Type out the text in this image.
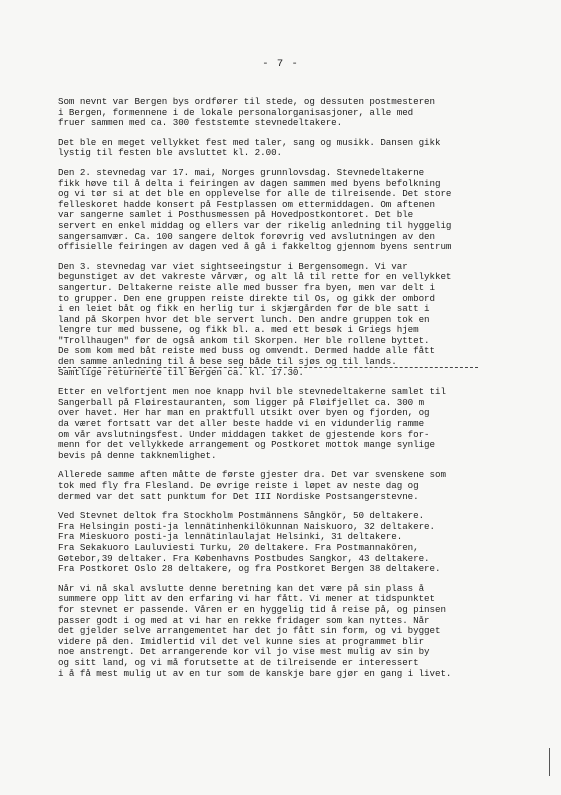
- 7 -
Som nevnt var Bergen bys ordfører til stede, og dessuten postmesteren
i Bergen, formennene i de lokale personalorganisasjoner, alle med
fruer sammen med ca. 300 feststemte stevnedeltakere.
Det ble en meget vellykket fest med taler, sang og musikk. Dansen gikk
lystig til festen ble avsluttet kl. 2.00.
Den 2. stevnedag var 17. mai, Norges grunnlovsdag. Stevnedeltakerne
fikk høve til å delta i feiringen av dagen sammen med byens befolkning
og vi tør si at det ble en opplevelse for alle de tilreisende. Det store
felleskoret hadde konsert på Festplassen om ettermiddagen. Om aftenen
var sangerne samlet i Posthusmessen på Hovedpostkontoret. Det ble
servert en enkel middag og ellers var der rikelig anledning til hyggelig
sangersamvær. Ca. 100 sangere deltok forøvrig ved avslutningen av den
offisielle feiringen av dagen ved å gå i fakkeltog gjennom byens sentrum
Den 3. stevnedag var viet sightseeingstur i Bergensomegn. Vi var
begunstiget av det vakreste vårvær, og alt lå til rette for en vellykket
sangertur. Deltakerne reiste alle med busser fra byen, men var delt i
to grupper. Den ene gruppen reiste direkte til Os, og gikk der ombord
i en leiet båt og fikk en herlig tur i skjærgården før de ble satt i
land på Skorpen hvor det ble servert lunch. Den andre gruppen tok en
lengre tur med bussene, og fikk bl. a. med ett besøk i Griegs hjem
"Trollhaugen" før de også ankom til Skorpen. Her ble rollene byttet.
De som kom med båt reiste med buss og omvendt. Dermed hadde alle fått
den samme anledning til å bese seg både til sjøs og til lands.
Samtlige returnerte til Bergen ca. kl. 17.30.
Etter en velfortjent men noe knapp hvil ble stevnedeltakerne samlet til
Sangerball på Fløirestauranten, som ligger på Fløifjellet ca. 300 m
over havet. Her har man en praktfull utsikt over byen og fjorden, og
da været fortsatt var det aller beste hadde vi en vidunderlig ramme
om vår avslutningsfest. Under middagen takket de gjestende kors for-
menn for det vellykkede arrangement og Postkoret mottok mange synlige
bevis på denne takknemlighet.
Allerede samme aften måtte de første gjester dra. Det var svenskene som
tok med fly fra Flesland. De øvrige reiste i løpet av neste dag og
dermed var det satt punktum for Det III Nordiske Postsangerstevne.
Ved Stevnet deltok fra Stockholm Postmännens Sångkör, 50 deltakere.
Fra Helsingin posti-ja lennätinhenkilökunnan Naiskuoro, 32 deltakere.
Fra Mieskuoro posti-ja lennätinlaulajat Helsinki, 31 deltakere.
Fra Sekakuoro Lauluviesti Turku, 20 deltakere. Fra Postmannakören,
Gøtebor,39 deltaker. Fra Københavns Postbudes Sangkor, 43 deltakere.
Fra Postkoret Oslo 28 deltakere, og fra Postkoret Bergen 38 deltakere.
Når vi nå skal avslutte denne beretning kan det være på sin plass å
summere opp litt av den erfaring vi har fått. Vi mener at tidspunktet
for stevnet er passende. Våren er en hyggelig tid å reise på, og pinsen
passer godt i og med at vi har en rekke fridager som kan nyttes. Når
det gjelder selve arrangementet har det jo fått sin form, og vi bygget
videre på den. Imidlertid vil det vel kunne sies at programmet blir
noe anstrengt. Det arrangerende kor vil jo vise mest mulig av sin by
og sitt land, og vi må forutsette at de tilreisende er interessert
i å få mest mulig ut av en tur som de kanskje bare gjør en gang i livet.
